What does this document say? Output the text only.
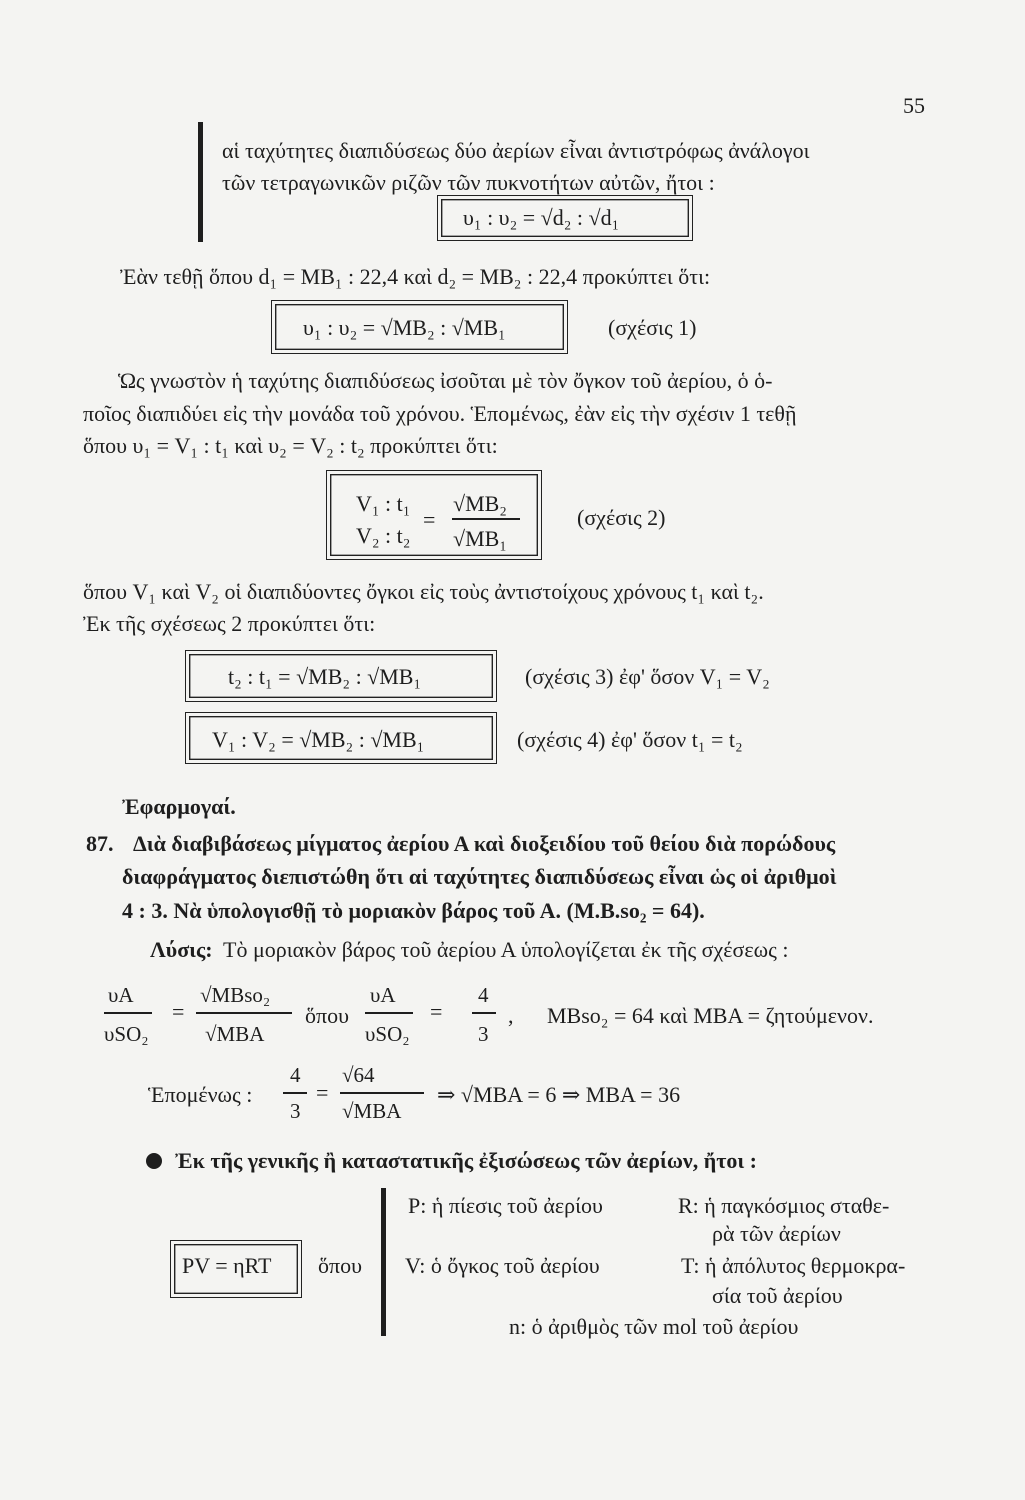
55
αἱ ταχύτητες διαπιδύσεως δύο ἀερίων εἶναι ἀντιστρόφως ἀνάλογοι
τῶν τετραγωνικῶν ριζῶν τῶν πυκνοτήτων αὐτῶν, ἤτοι :
υ₁ : υ₂ = √d₂ : √d₁
Ἐὰν τεθῇ ὅπου d₁ = MB₁ : 22,4 καὶ d₂ = MB₂ : 22,4 προκύπτει ὅτι:
υ₁ : υ₂ = √MB₂ : √MB₁	(σχέσις 1)
Ὡς γνωστὸν ἡ ταχύτης διαπιδύσεως ἰσοῦται μὲ τὸν ὄγκον τοῦ ἀερίου, ὁ ὁ-
ποῖος διαπιδύει εἰς τὴν μονάδα τοῦ χρόνου. Ἑπομένως, ἐὰν εἰς τὴν σχέσιν 1 τεθῇ
ὅπου υ₁ = V₁ : t₁ καὶ υ₂ = V₂ : t₂ προκύπτει ὅτι:
V₁ : t₁
V₂ : t₂
=
√MB₂
√MB₁
(σχέσις 2)
ὅπου V₁ καὶ V₂ οἱ διαπιδύοντες ὄγκοι εἰς τοὺς ἀντιστοίχους χρόνους t₁ καὶ t₂.
Ἐκ τῆς σχέσεως 2 προκύπτει ὅτι:
t₂ : t₁ = √MB₂ : √MB₁	(σχέσις 3) ἐφ' ὅσον V₁ = V₂
V₁ : V₂ = √MB₂ : √MB₁	(σχέσις 4) ἐφ' ὅσον t₁ = t₂
Ἐφαρμογαί.
87. Διὰ διαβιβάσεως μίγματος ἀερίου Α καὶ διοξειδίου τοῦ θείου διὰ πορώδους
διαφράγματος διεπιστώθη ὅτι αἱ ταχύτητες διαπιδύσεως εἶναι ὡς οἱ ἀριθμοὶ
4 : 3. Νὰ ὑπολογισθῇ τὸ μοριακὸν βάρος τοῦ Α. (Μ.Β.so₂ = 64).
Λύσις: Τὸ μοριακὸν βάρος τοῦ ἀερίου Α ὑπολογίζεται ἐκ τῆς σχέσεως :
υA
υSO₂
=
√MBso₂
√MBA
ὅπου
υA
υSO₂
=
4
3
, MBso₂ = 64 καὶ MBA = ζητούμενον.
Ἑπομένως :
4
3
=
√64
√MBA
⇒ √MBA = 6 ⇒ MBA = 36
Ἐκ τῆς γενικῆς ἢ καταστατικῆς ἐξισώσεως τῶν ἀερίων, ἤτοι :
PV = ηRT ὅπου
P: ἡ πίεσις τοῦ ἀερίου	R: ἡ παγκόσμιος σταθε-
ρὰ τῶν ἀερίων
V: ὁ ὄγκος τοῦ ἀερίου	T: ἡ ἀπόλυτος θερμοκρα-
σία τοῦ ἀερίου
n: ὁ ἀριθμὸς τῶν mol τοῦ ἀερίου
